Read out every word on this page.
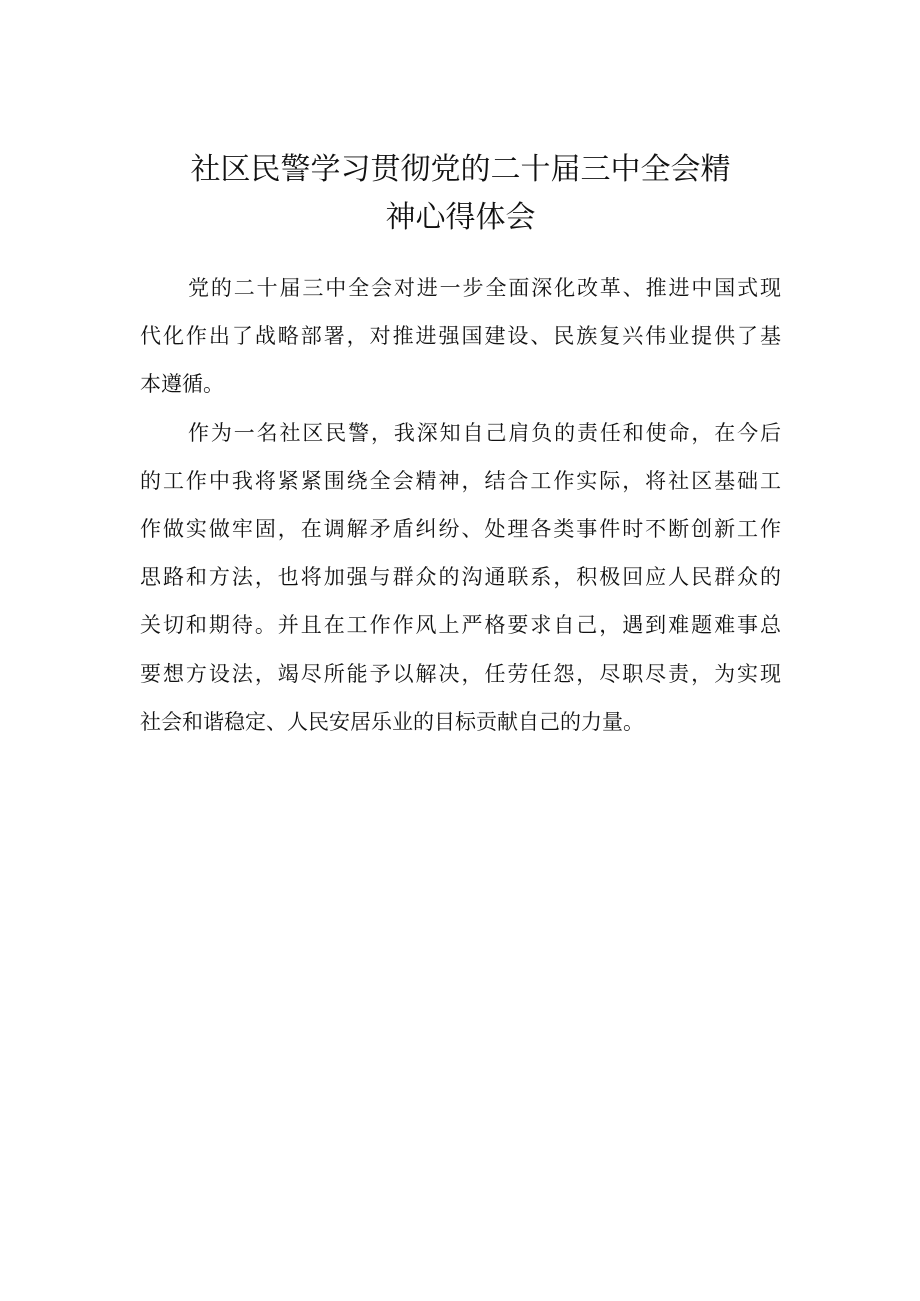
社区民警学习贯彻党的二十届三中全会精
神心得体会

党的二十届三中全会对进一步全面深化改革、推进中国式现
代化作出了战略部署，对推进强国建设、民族复兴伟业提供了基
本遵循。

作为一名社区民警，我深知自己肩负的责任和使命，在今后
的工作中我将紧紧围绕全会精神，结合工作实际，将社区基础工
作做实做牢固，在调解矛盾纠纷、处理各类事件时不断创新工作
思路和方法，也将加强与群众的沟通联系，积极回应人民群众的
关切和期待。并且在工作作风上严格要求自己，遇到难题难事总
要想方设法，竭尽所能予以解决，任劳任怨，尽职尽责，为实现
社会和谐稳定、人民安居乐业的目标贡献自己的力量。
